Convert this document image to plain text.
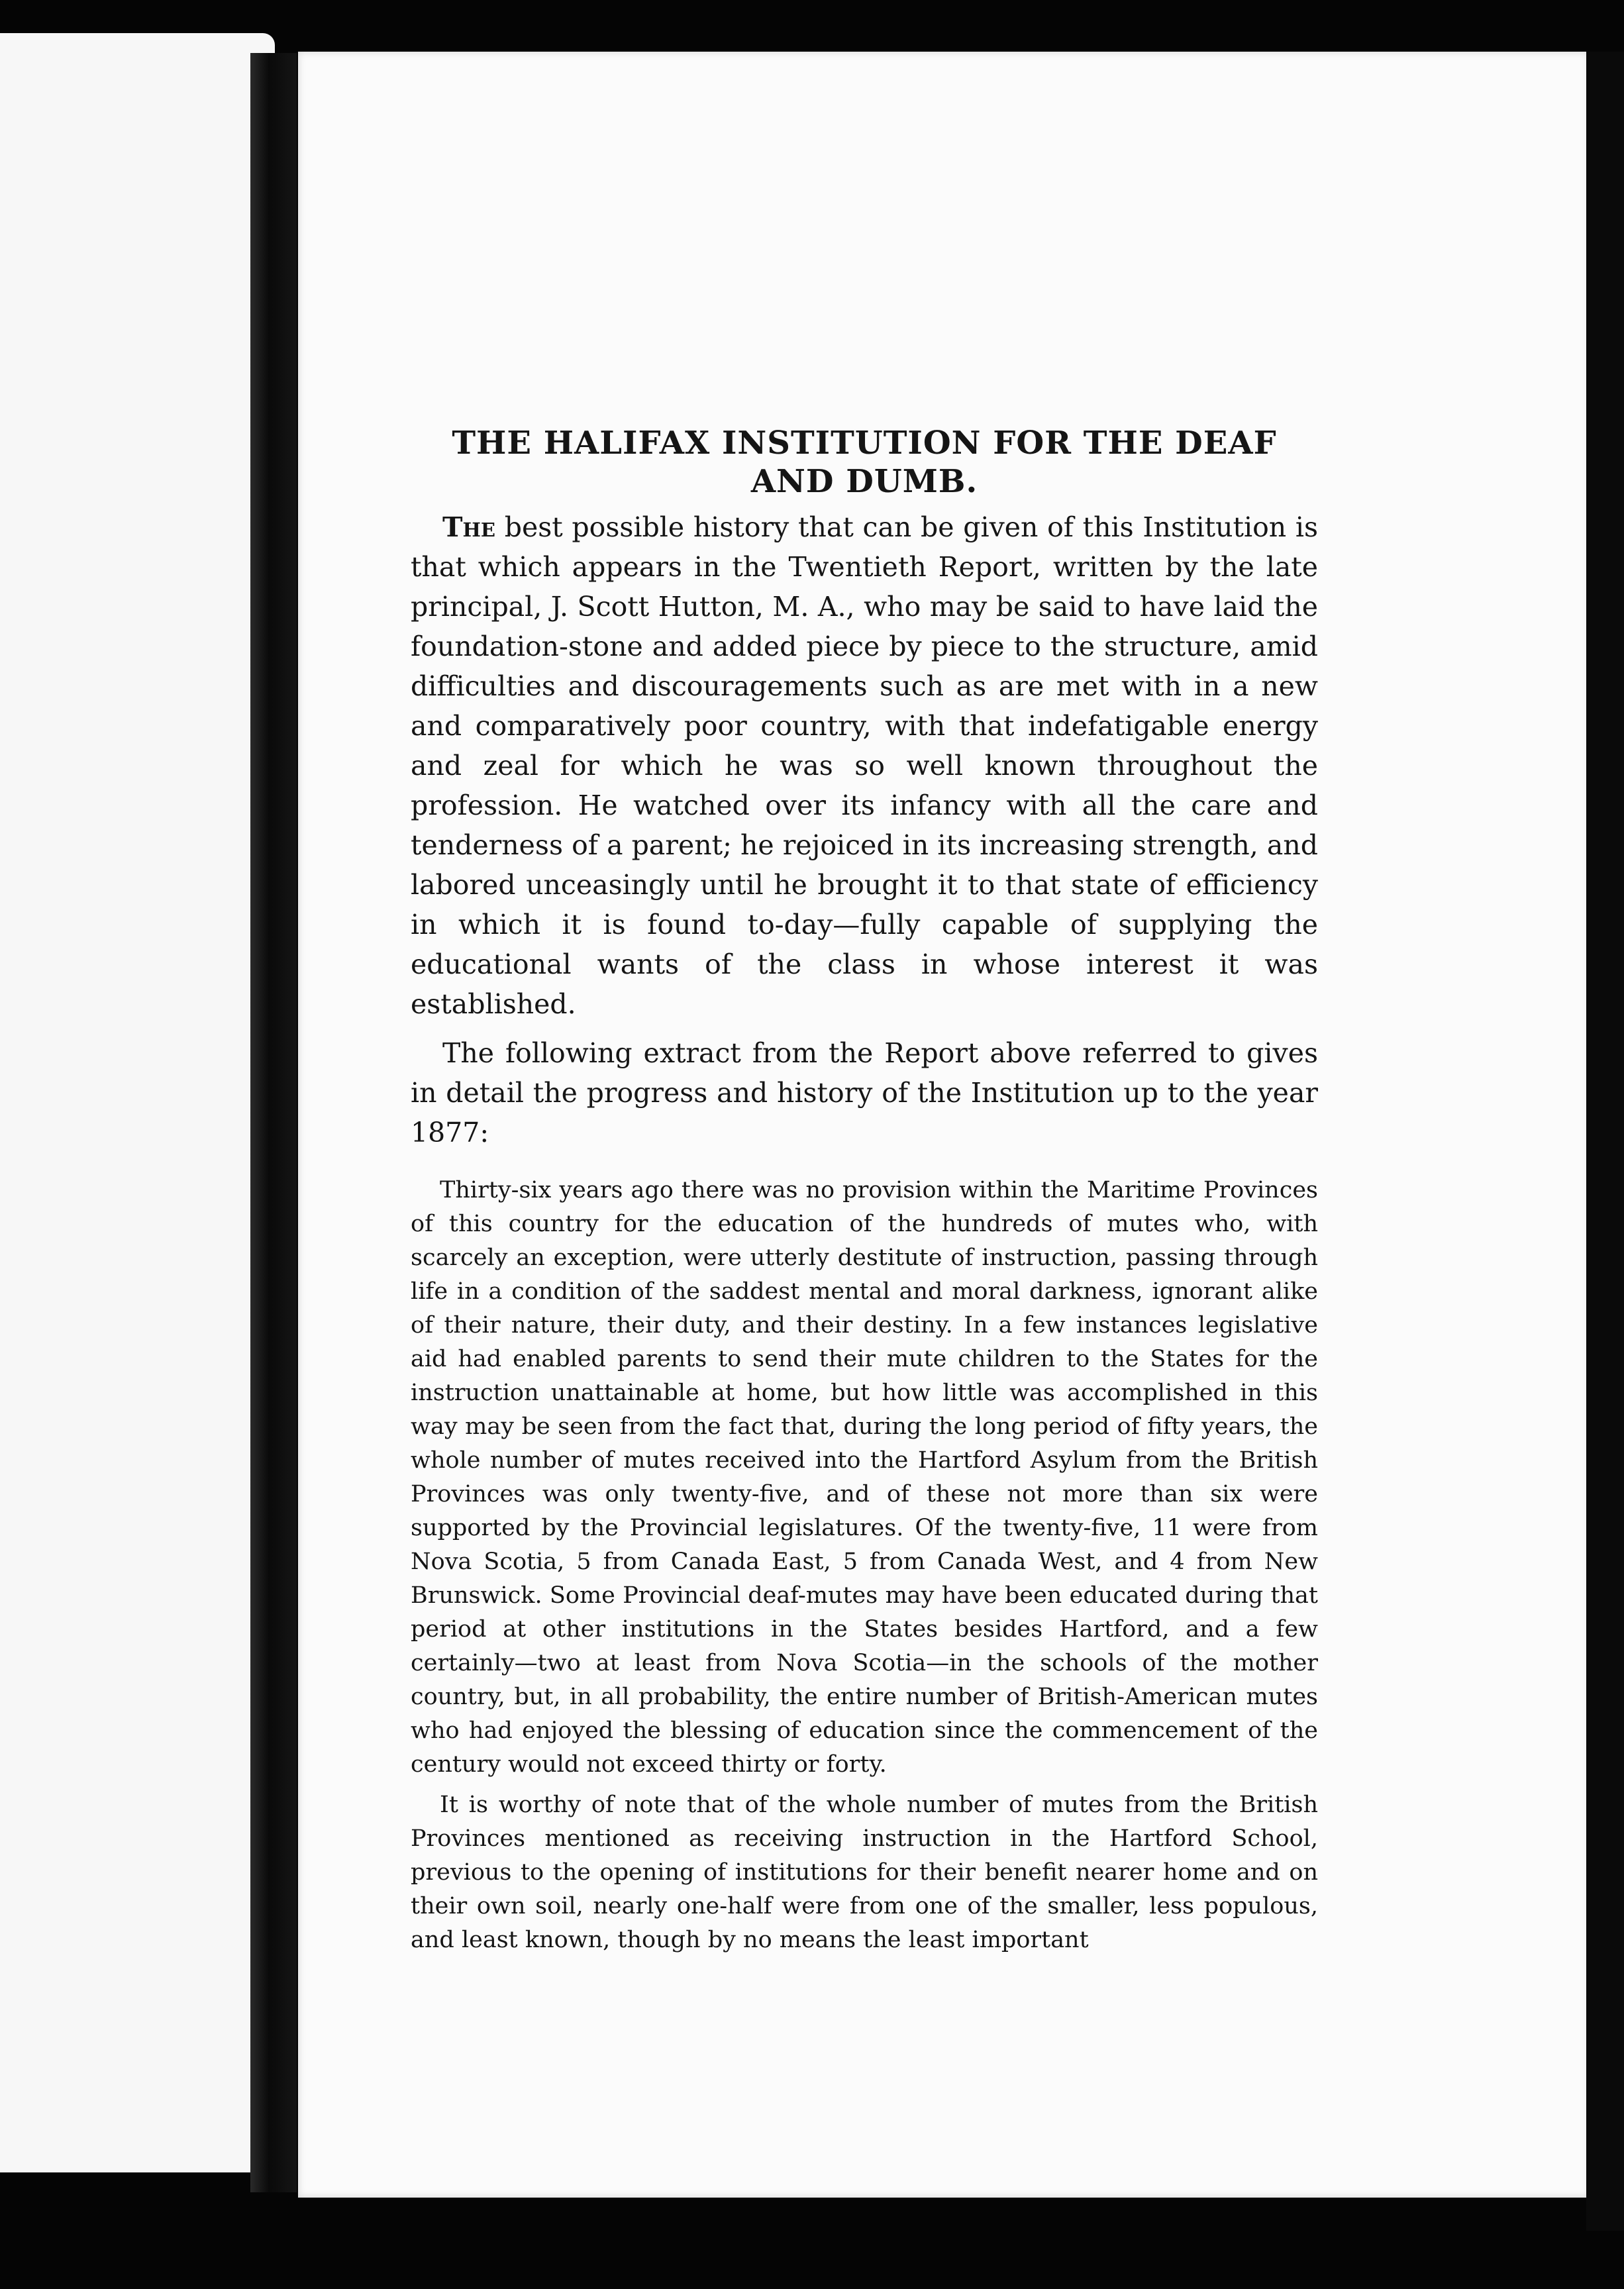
THE HALIFAX INSTITUTION FOR THE DEAF AND DUMB.

The best possible history that can be given of this Institution is that which appears in the Twentieth Report, written by the late principal, J. Scott Hutton, M. A., who may be said to have laid the foundation-stone and added piece by piece to the structure, amid difficulties and discouragements such as are met with in a new and comparatively poor country, with that indefatigable energy and zeal for which he was so well known throughout the profession. He watched over its infancy with all the care and tenderness of a parent; he rejoiced in its increasing strength, and labored unceasingly until he brought it to that state of efficiency in which it is found to-day—fully capable of supplying the educational wants of the class in whose interest it was established.

The following extract from the Report above referred to gives in detail the progress and history of the Institution up to the year 1877:

Thirty-six years ago there was no provision within the Maritime Provinces of this country for the education of the hundreds of mutes who, with scarcely an exception, were utterly destitute of instruction, passing through life in a condition of the saddest mental and moral darkness, ignorant alike of their nature, their duty, and their destiny. In a few instances legislative aid had enabled parents to send their mute children to the States for the instruction unattainable at home, but how little was accomplished in this way may be seen from the fact that, during the long period of fifty years, the whole number of mutes received into the Hartford Asylum from the British Provinces was only twenty-five, and of these not more than six were supported by the Provincial legislatures. Of the twenty-five, 11 were from Nova Scotia, 5 from Canada East, 5 from Canada West, and 4 from New Brunswick. Some Provincial deaf-mutes may have been educated during that period at other institutions in the States besides Hartford, and a few certainly—two at least from Nova Scotia—in the schools of the mother country, but, in all probability, the entire number of British-American mutes who had enjoyed the blessing of education since the commencement of the century would not exceed thirty or forty.

It is worthy of note that of the whole number of mutes from the British Provinces mentioned as receiving instruction in the Hartford School, previous to the opening of institutions for their benefit nearer home and on their own soil, nearly one-half were from one of the smaller, less populous, and least known, though by no means the least important
